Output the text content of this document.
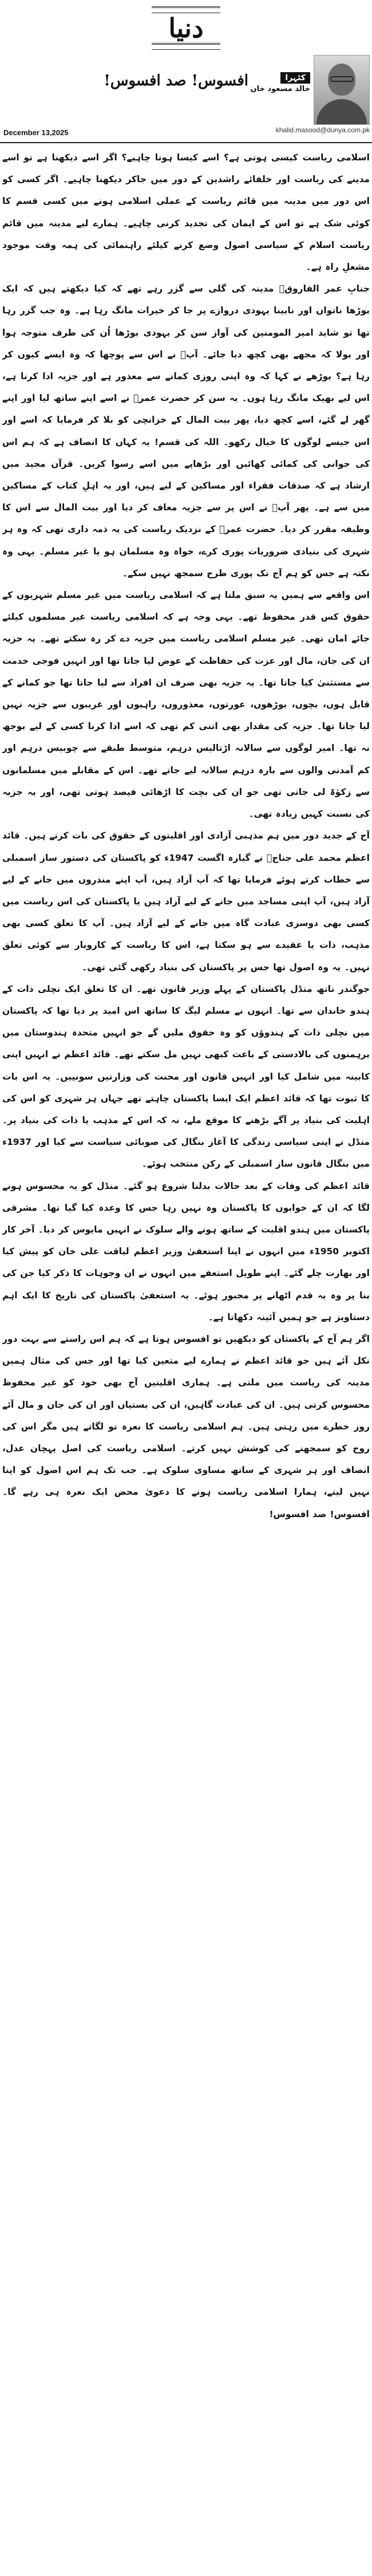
دنیا
کٹہرا
افسوس! صد افسوس! خالد مسعود خان
khalid.masood@dunya.com.pk
December 13,2025

اسلامی ریاست کیسی ہوتی ہے؟ اسے کیسا ہونا چاہیے؟ اگر اسے دیکھنا ہے تو اسے مدینے کی ریاست اور خلفائے راشدین کے دور میں جاکر دیکھنا چاہیے۔ اگر کسی کو اس دور میں مدینہ میں قائم ریاست کے عملی اسلامی ہونے میں کسی قسم کا کوئی شک ہے تو اس کے ایمان کی تجدید کرنی چاہیے۔ ہمارے لیے مدینہ میں قائم ریاست اسلام کے سیاسی اصول وضع کرنے کیلئے راہنمائی کی ہمہ وقت موجود مشعلِ راہ ہے۔

جنابِ عمر الفاروقؓ مدینہ کی گلی سے گزر رہے تھے کہ کیا دیکھتے ہیں کہ ایک بوڑھا ناتواں اور نابینا یہودی دروازے پر جا کر خیرات مانگ رہا ہے۔ وہ جب گزر رہا تھا تو شاید امیر المومنین کی آواز سن کر یہودی بوڑھا اُن کی طرف متوجہ ہوا اور بولا کہ مجھے بھی کچھ دیا جائے۔ آپؓ نے اس سے پوچھا کہ وہ ایسے کیوں کر رہا ہے؟ بوڑھے نے کہا کہ وہ اپنی روزی کمانے سے معذور ہے اور جزیہ ادا کرنا ہے، اس لیے بھیک مانگ رہا ہوں۔ یہ سن کر حضرت عمرؓ نے اسے اپنے ساتھ لیا اور اپنے گھر لے گئے، اسے کچھ دیا، پھر بیت المال کے خزانچی کو بلا کر فرمایا کہ اسے اور اس جیسے لوگوں کا خیال رکھو۔ اللہ کی قسم! یہ کہاں کا انصاف ہے کہ ہم اس کی جوانی کی کمائی کھائیں اور بڑھاپے میں اسے رسوا کریں۔ قرآن مجید میں ارشاد ہے کہ صدقات فقراء اور مساکین کے لیے ہیں، اور یہ اہلِ کتاب کے مساکین میں سے ہے۔ پھر آپؓ نے اس پر سے جزیہ معاف کر دیا اور بیت المال سے اس کا وظیفہ مقرر کر دیا۔ حضرت عمرؓ کے نزدیک ریاست کی یہ ذمہ داری تھی کہ وہ ہر شہری کی بنیادی ضروریات پوری کرے، خواہ وہ مسلمان ہو یا غیر مسلم۔ یہی وہ نکتہ ہے جس کو ہم آج تک پوری طرح سمجھ نہیں سکے۔

اس واقعے سے ہمیں یہ سبق ملتا ہے کہ اسلامی ریاست میں غیر مسلم شہریوں کے حقوق کس قدر محفوظ تھے۔ یہی وجہ ہے کہ اسلامی ریاست غیر مسلموں کیلئے جائے امان تھی۔ غیر مسلم اسلامی ریاست میں جزیہ دے کر رہ سکتے تھے۔ یہ جزیہ ان کی جان، مال اور عزت کی حفاظت کے عوض لیا جاتا تھا اور انہیں فوجی خدمت سے مستثنیٰ کیا جاتا تھا۔ یہ جزیہ بھی صرف ان افراد سے لیا جاتا تھا جو کمانے کے قابل ہوں، بچوں، بوڑھوں، عورتوں، معذوروں، راہبوں اور غریبوں سے جزیہ نہیں لیا جاتا تھا۔ جزیہ کی مقدار بھی اتنی کم تھی کہ اسے ادا کرنا کسی کے لیے بوجھ نہ تھا۔ امیر لوگوں سے سالانہ اڑتالیس درہم، متوسط طبقے سے چوبیس درہم اور کم آمدنی والوں سے بارہ درہم سالانہ لیے جاتے تھے۔ اس کے مقابلے میں مسلمانوں سے زکوٰۃ لی جاتی تھی جو ان کی بچت کا اڑھائی فیصد ہوتی تھی، اور یہ جزیہ کی نسبت کہیں زیادہ تھی۔

آج کے جدید دور میں ہم مذہبی آزادی اور اقلیتوں کے حقوق کی بات کرتے ہیں۔ قائد اعظم محمد علی جناحؒ نے گیارہ اگست 1947ء کو پاکستان کی دستور ساز اسمبلی سے خطاب کرتے ہوئے فرمایا تھا کہ آپ آزاد ہیں، آپ اپنے مندروں میں جانے کے لیے آزاد ہیں، آپ اپنی مساجد میں جانے کے لیے آزاد ہیں یا پاکستان کی اس ریاست میں کسی بھی دوسری عبادت گاہ میں جانے کے لیے آزاد ہیں۔ آپ کا تعلق کسی بھی مذہب، ذات یا عقیدے سے ہو سکتا ہے، اس کا ریاست کے کاروبار سے کوئی تعلق نہیں۔ یہ وہ اصول تھا جس پر پاکستان کی بنیاد رکھی گئی تھی۔

جوگندر ناتھ منڈل پاکستان کے پہلے وزیر قانون تھے۔ ان کا تعلق ایک نچلی ذات کے ہندو خاندان سے تھا۔ انہوں نے مسلم لیگ کا ساتھ اس امید پر دیا تھا کہ پاکستان میں نچلی ذات کے ہندوؤں کو وہ حقوق ملیں گے جو انہیں متحدہ ہندوستان میں برہمنوں کی بالادستی کے باعث کبھی نہیں مل سکتے تھے۔ قائد اعظم نے انہیں اپنی کابینہ میں شامل کیا اور انہیں قانون اور محنت کی وزارتیں سونپیں۔ یہ اس بات کا ثبوت تھا کہ قائد اعظم ایک ایسا پاکستان چاہتے تھے جہاں ہر شہری کو اس کی اہلیت کی بنیاد پر آگے بڑھنے کا موقع ملے، نہ کہ اس کے مذہب یا ذات کی بنیاد پر۔ منڈل نے اپنی سیاسی زندگی کا آغاز بنگال کی صوبائی سیاست سے کیا اور 1937ء میں بنگال قانون ساز اسمبلی کے رکن منتخب ہوئے۔

قائد اعظم کی وفات کے بعد حالات بدلنا شروع ہو گئے۔ منڈل کو یہ محسوس ہونے لگا کہ ان کے خوابوں کا پاکستان وہ نہیں رہا جس کا وعدہ کیا گیا تھا۔ مشرقی پاکستان میں ہندو اقلیت کے ساتھ ہونے والے سلوک نے انہیں مایوس کر دیا۔ آخر کار اکتوبر 1950ء میں انہوں نے اپنا استعفیٰ وزیر اعظم لیاقت علی خان کو پیش کیا اور بھارت چلے گئے۔ اپنے طویل استعفے میں انہوں نے ان وجوہات کا ذکر کیا جن کی بنا پر وہ یہ قدم اٹھانے پر مجبور ہوئے۔ یہ استعفیٰ پاکستان کی تاریخ کا ایک اہم دستاویز ہے جو ہمیں آئینہ دکھاتا ہے۔

اگر ہم آج کے پاکستان کو دیکھیں تو افسوس ہوتا ہے کہ ہم اس راستے سے بہت دور نکل آئے ہیں جو قائد اعظم نے ہمارے لیے متعین کیا تھا اور جس کی مثال ہمیں مدینہ کی ریاست میں ملتی ہے۔ ہماری اقلیتیں آج بھی خود کو غیر محفوظ محسوس کرتی ہیں۔ ان کی عبادت گاہیں، ان کی بستیاں اور ان کی جان و مال آئے روز خطرے میں رہتی ہیں۔ ہم اسلامی ریاست کا نعرہ تو لگاتے ہیں مگر اس کی روح کو سمجھنے کی کوشش نہیں کرتے۔ اسلامی ریاست کی اصل پہچان عدل، انصاف اور ہر شہری کے ساتھ مساوی سلوک ہے۔ جب تک ہم اس اصول کو اپنا نہیں لیتے، ہمارا اسلامی ریاست ہونے کا دعویٰ محض ایک نعرہ ہی رہے گا۔ افسوس! صد افسوس!
